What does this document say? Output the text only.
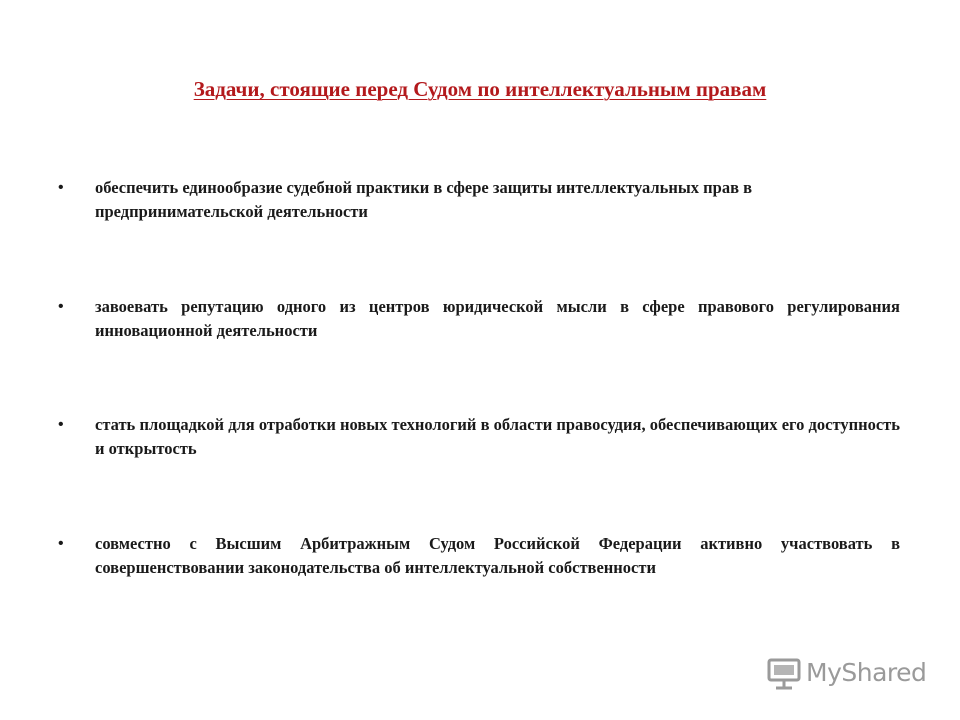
Задачи, стоящие перед Судом по интеллектуальным правам
• обеспечить единообразие судебной практики в сфере защиты интеллектуальных прав в предпринимательской деятельности
• завоевать репутацию одного из центров юридической мысли в сфере правового регулирования инновационной деятельности
• стать площадкой для отработки новых технологий в области правосудия, обеспечивающих его доступность и открытость
• совместно с Высшим Арбитражным Судом Российской Федерации активно участвовать в совершенствовании законодательства об интеллектуальной собственности
MyShared
